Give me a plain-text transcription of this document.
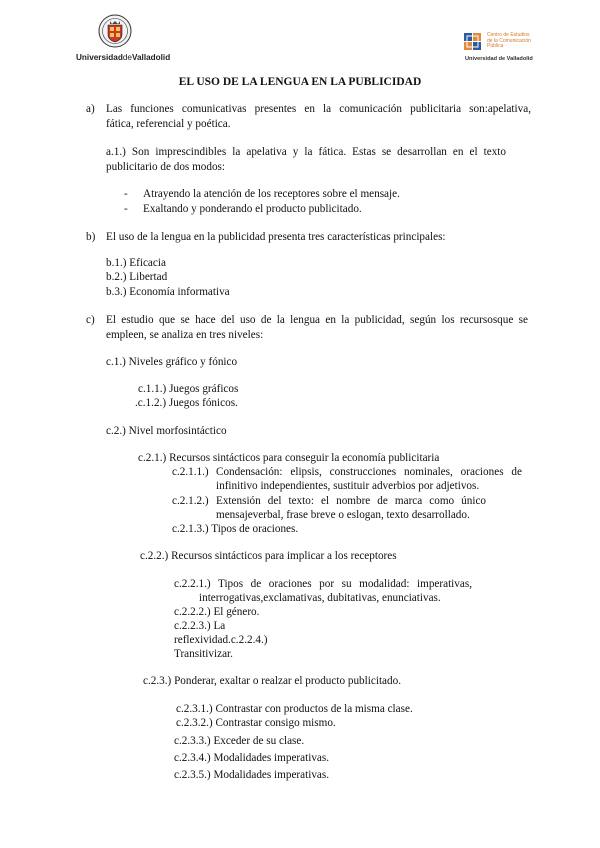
UniversidaddeValladolid
Centro de Estudios
de la Comunicación
Pública
Universidad de Valladolid
EL USO DE LA LENGUA EN LA PUBLICIDAD
a) Las funciones comunicativas presentes en la comunicación publicitaria son:apelativa,
fática, referencial y poética.
a.1.) Son imprescindibles la apelativa y la fática. Estas se desarrollan en el texto
publicitario de dos modos:
- Atrayendo la atención de los receptores sobre el mensaje.
- Exaltando y ponderando el producto publicitado.
b) El uso de la lengua en la publicidad presenta tres características principales:
b.1.) Eficacia
b.2.) Libertad
b.3.) Economía informativa
c) El estudio que se hace del uso de la lengua en la publicidad, según los recursosque se
empleen, se analiza en tres niveles:
c.1.) Niveles gráfico y fónico
c.1.1.) Juegos gráficos
.c.1.2.) Juegos fónicos.
c.2.) Nivel morfosintáctico
c.2.1.) Recursos sintácticos para conseguir la economía publicitaria
c.2.1.1.) Condensación: elipsis, construcciones nominales, oraciones de
infinitivo independientes, sustituir adverbios por adjetivos.
c.2.1.2.) Extensión del texto: el nombre de marca como único
mensajeverbal, frase breve o eslogan, texto desarrollado.
c.2.1.3.) Tipos de oraciones.
c.2.2.) Recursos sintácticos para implicar a los receptores
c.2.2.1.) Tipos de oraciones por su modalidad: imperativas,
interrogativas,exclamativas, dubitativas, enunciativas.
c.2.2.2.) El género.
c.2.2.3.) La
reflexividad.c.2.2.4.)
Transitivizar.
c.2.3.) Ponderar, exaltar o realzar el producto publicitado.
c.2.3.1.) Contrastar con productos de la misma clase.
c.2.3.2.) Contrastar consigo mismo.
c.2.3.3.) Exceder de su clase.
c.2.3.4.) Modalidades imperativas.
c.2.3.5.) Modalidades imperativas.
